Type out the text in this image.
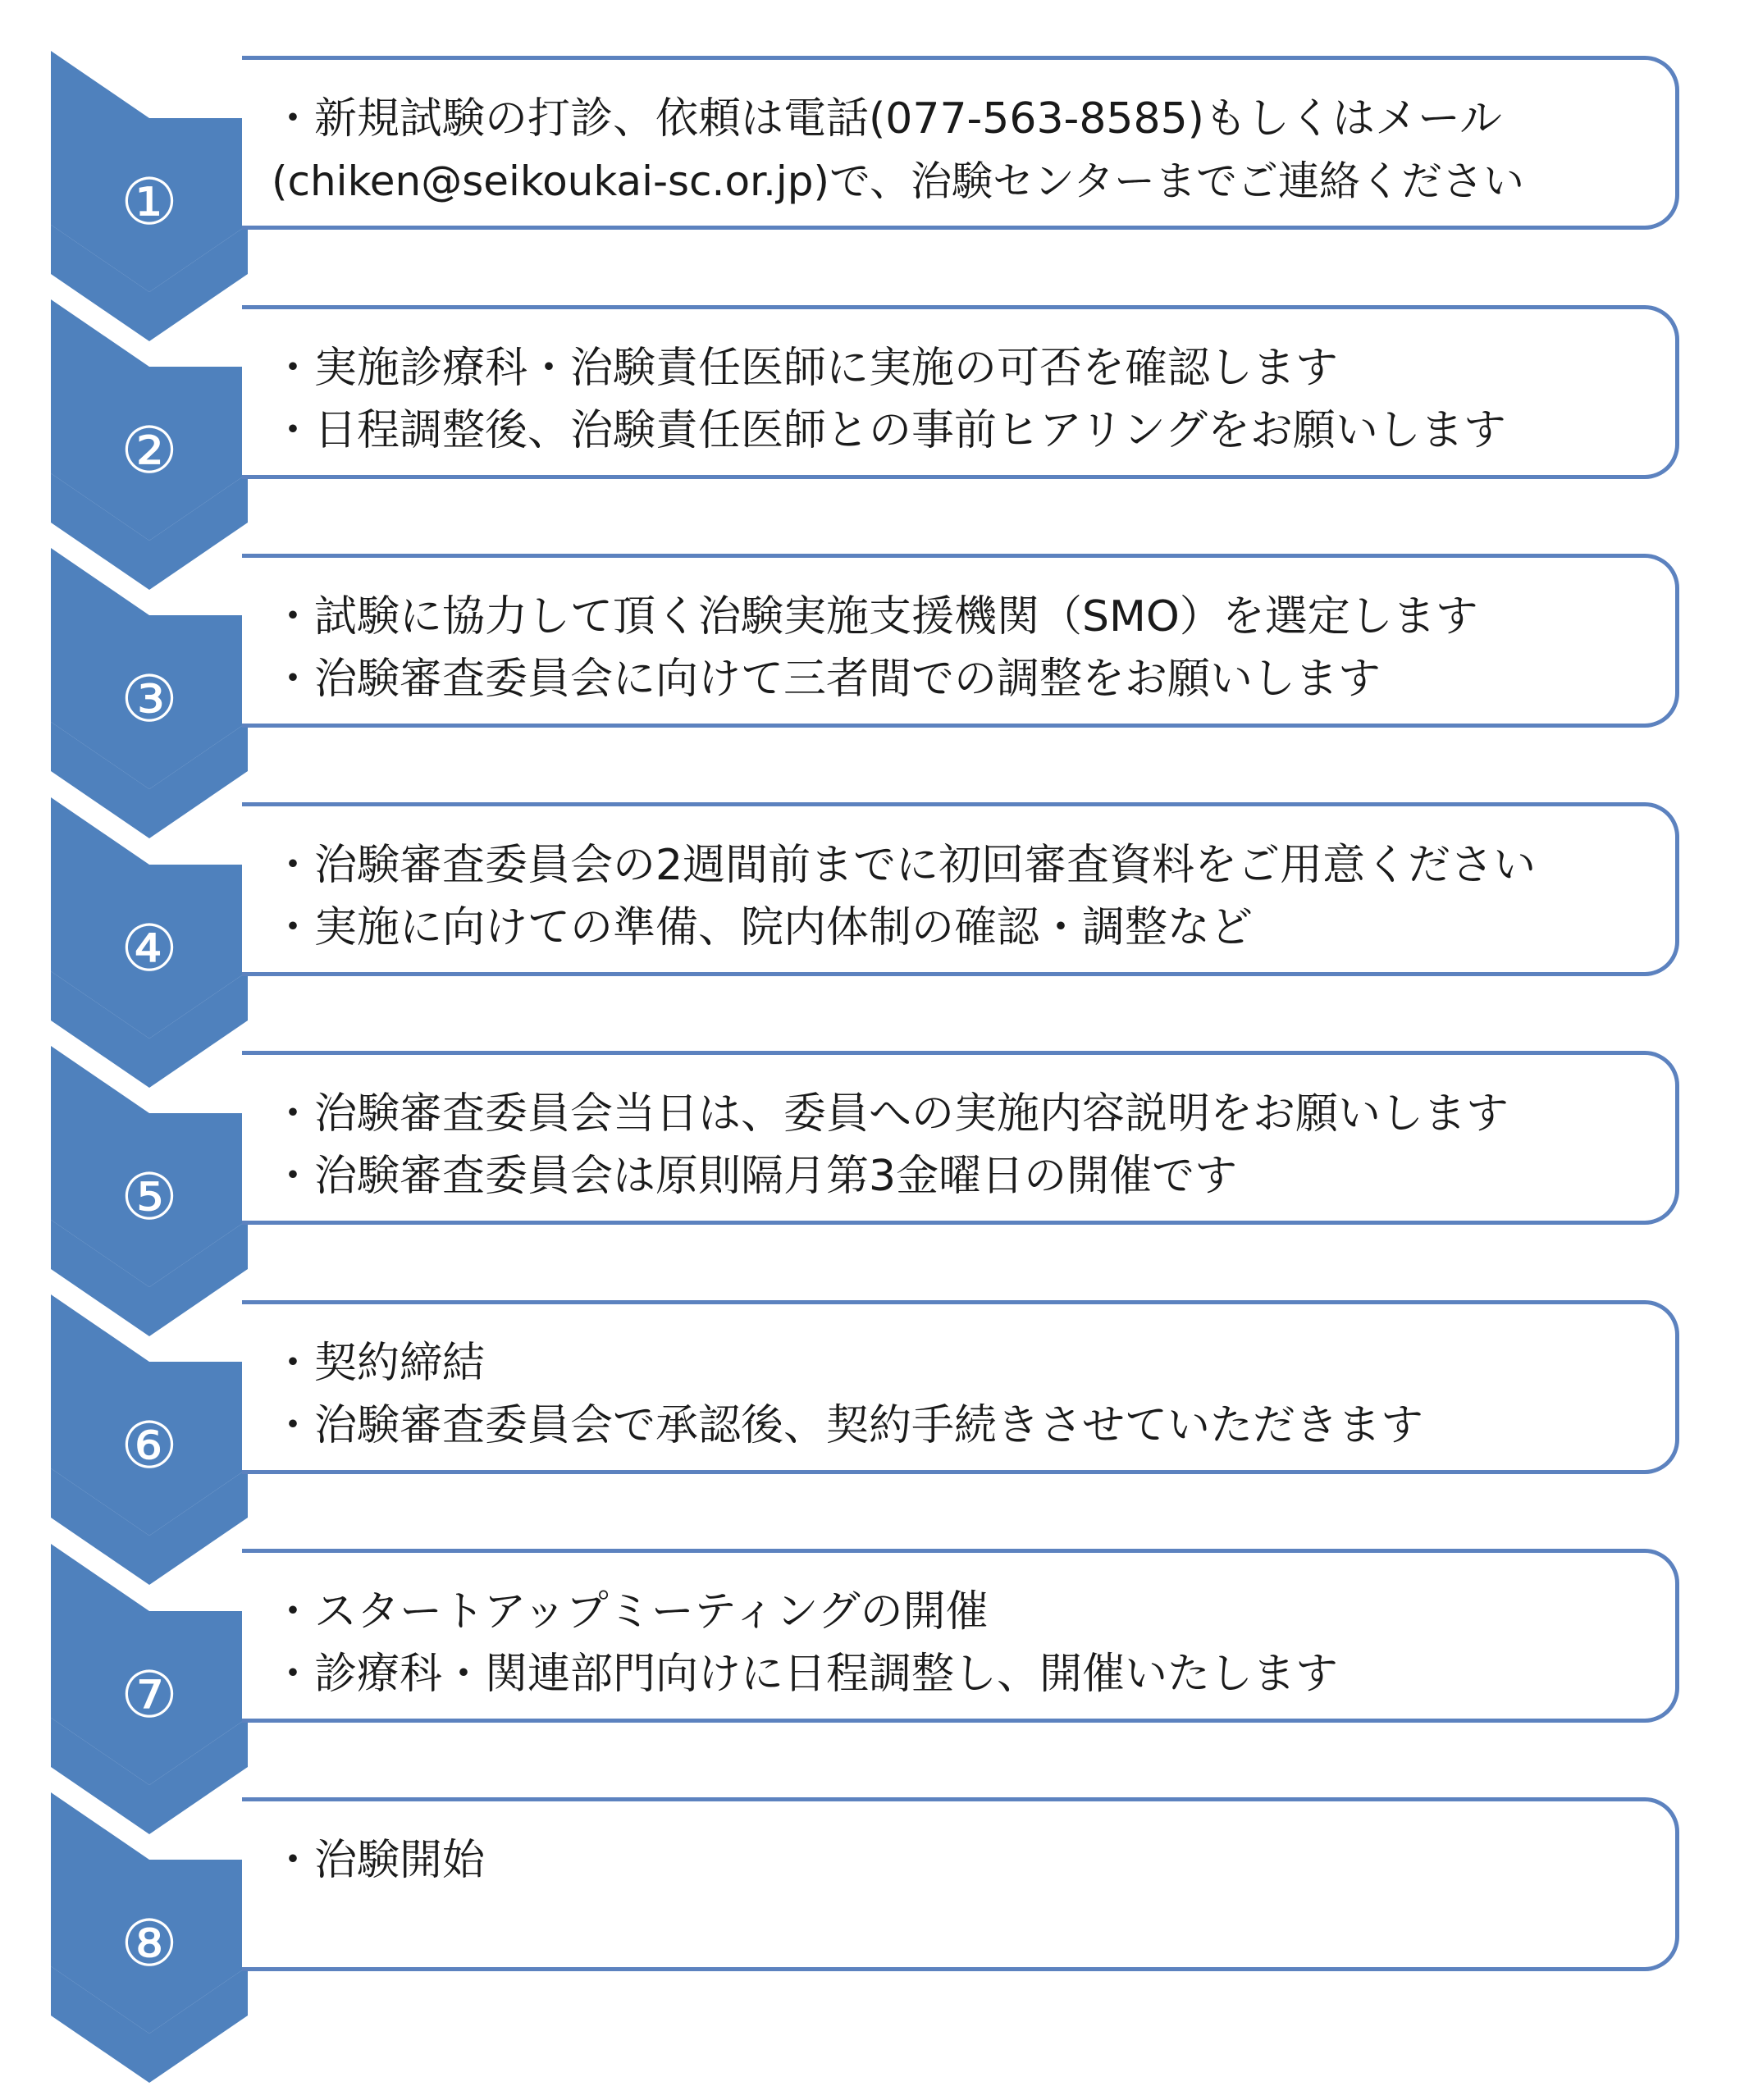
①
・新規試験の打診、依頼は電話(077-563-8585)もしくはメール
(chiken@seikoukai-sc.or.jp)で、治験センターまでご連絡ください
②
・実施診療科・治験責任医師に実施の可否を確認します
・日程調整後、治験責任医師との事前ヒアリングをお願いします
③
・試験に協力して頂く治験実施支援機関（SMO）を選定します
・治験審査委員会に向けて三者間での調整をお願いします
④
・治験審査委員会の2週間前までに初回審査資料をご用意ください
・実施に向けての準備、院内体制の確認・調整など
⑤
・治験審査委員会当日は、委員への実施内容説明をお願いします
・治験審査委員会は原則隔月第3金曜日の開催です
⑥
・契約締結
・治験審査委員会で承認後、契約手続きさせていただきます
⑦
・スタートアップミーティングの開催
・診療科・関連部門向けに日程調整し、開催いたします
⑧
・治験開始
